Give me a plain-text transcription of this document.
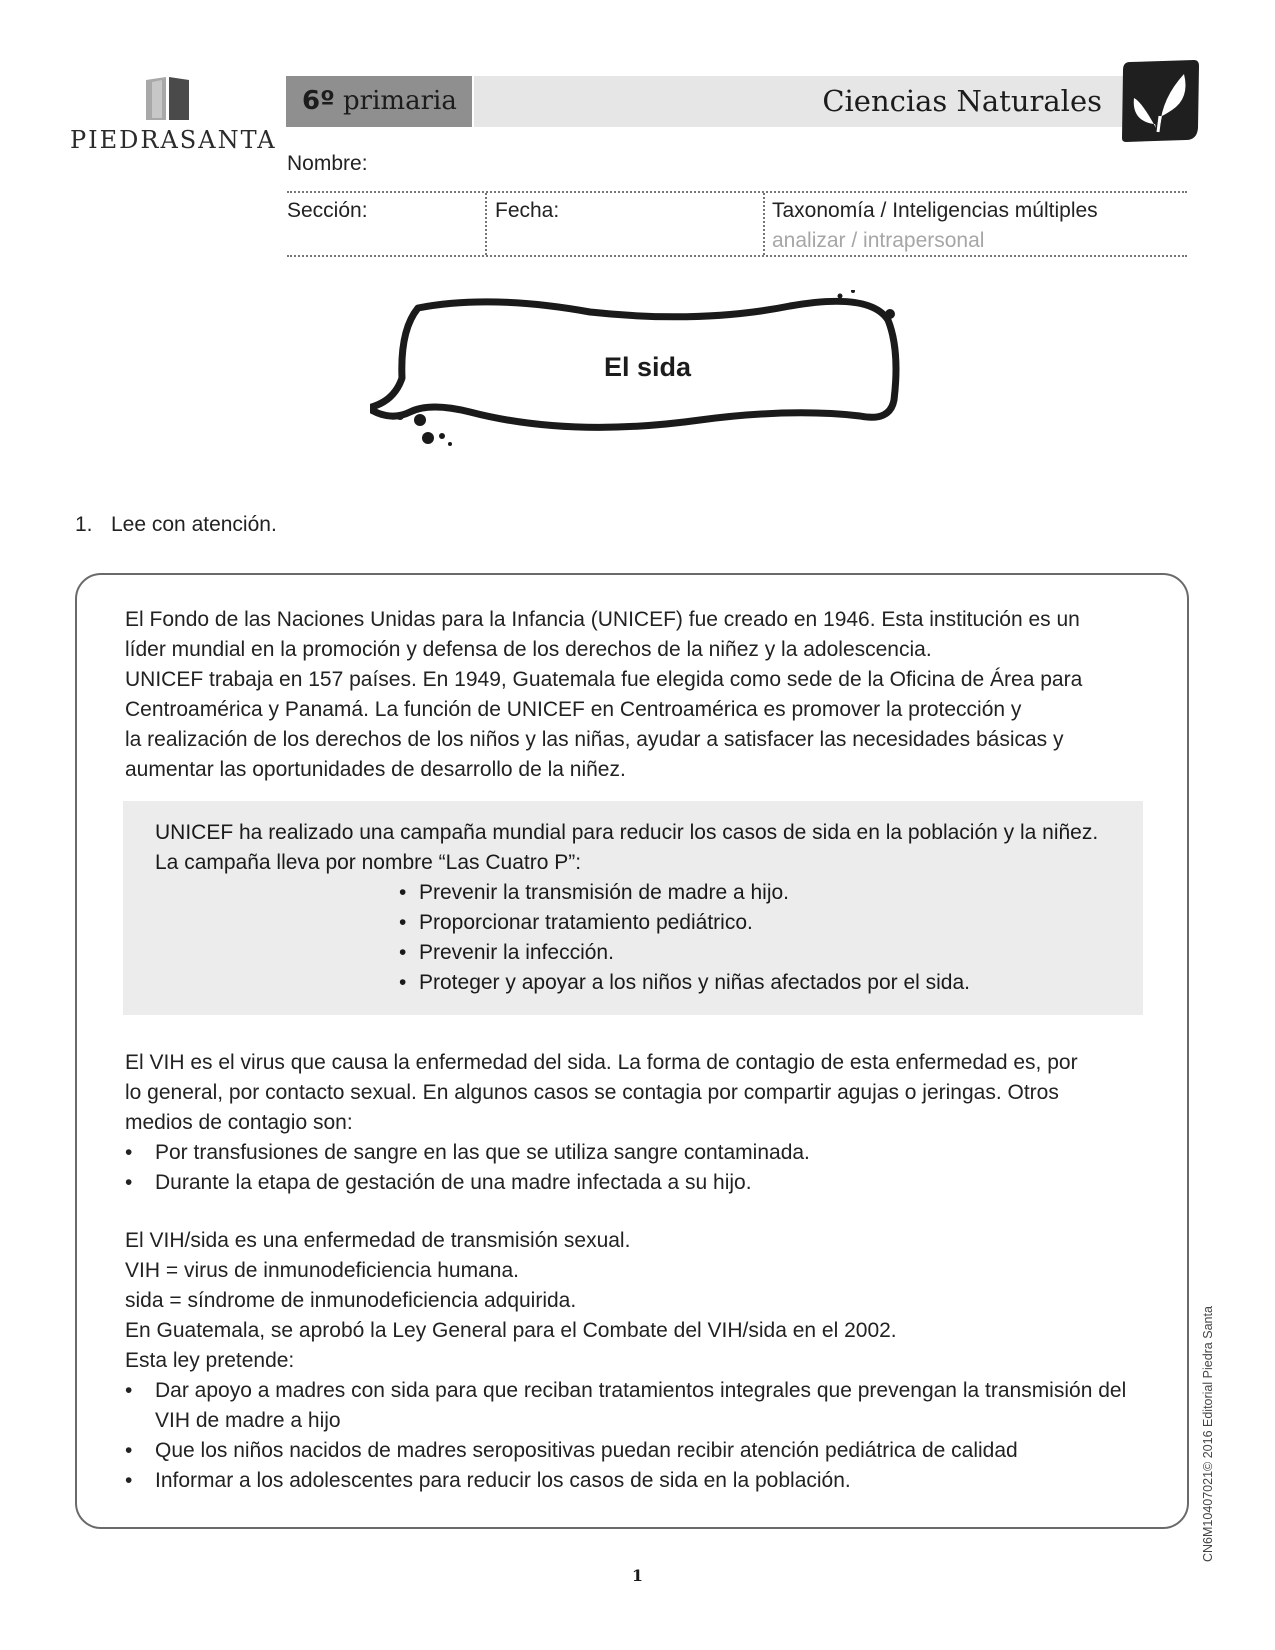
PIEDRASANTA
6º primaria	Ciencias Naturales
Nombre:
Sección:	Fecha:	Taxonomía / Inteligencias múltiples
analizar / intrapersonal
El sida
1. Lee con atención.

El Fondo de las Naciones Unidas para la Infancia (UNICEF) fue creado en 1946. Esta institución es un

líder mundial en la promoción y defensa de los derechos de la niñez y la adolescencia.

UNICEF trabaja en 157 países. En 1949, Guatemala fue elegida como sede de la Oficina de Área para

Centroamérica y Panamá. La función de UNICEF en Centroamérica es promover la protección y

la realización de los derechos de los niños y las niñas, ayudar a satisfacer las necesidades básicas y

aumentar las oportunidades de desarrollo de la niñez.

UNICEF ha realizado una campaña mundial para reducir los casos de sida en la población y la niñez.
La campaña lleva por nombre “Las Cuatro P”:
• Prevenir la transmisión de madre a hijo.
• Proporcionar tratamiento pediátrico.
• Prevenir la infección.
• Proteger y apoyar a los niños y niñas afectados por el sida.

El VIH es el virus que causa la enfermedad del sida. La forma de contagio de esta enfermedad es, por

lo general, por contacto sexual. En algunos casos se contagia por compartir agujas o jeringas. Otros

medios de contagio son:

• Por transfusiones de sangre en las que se utiliza sangre contaminada.
• Durante la etapa de gestación de una madre infectada a su hijo.

El VIH/sida es una enfermedad de transmisión sexual.

VIH = virus de inmunodeficiencia humana.

sida = síndrome de inmunodeficiencia adquirida.

En Guatemala, se aprobó la Ley General para el Combate del VIH/sida en el 2002.

Esta ley pretende:

• Dar apoyo a madres con sida para que reciban tratamientos integrales que prevengan la transmisión del VIH de madre a hijo
• Que los niños nacidos de madres seropositivas puedan recibir atención pediátrica de calidad
• Informar a los adolescentes para reducir los casos de sida en la población.	CN6M10407021© 2016 Editorial Piedra Santa
1
